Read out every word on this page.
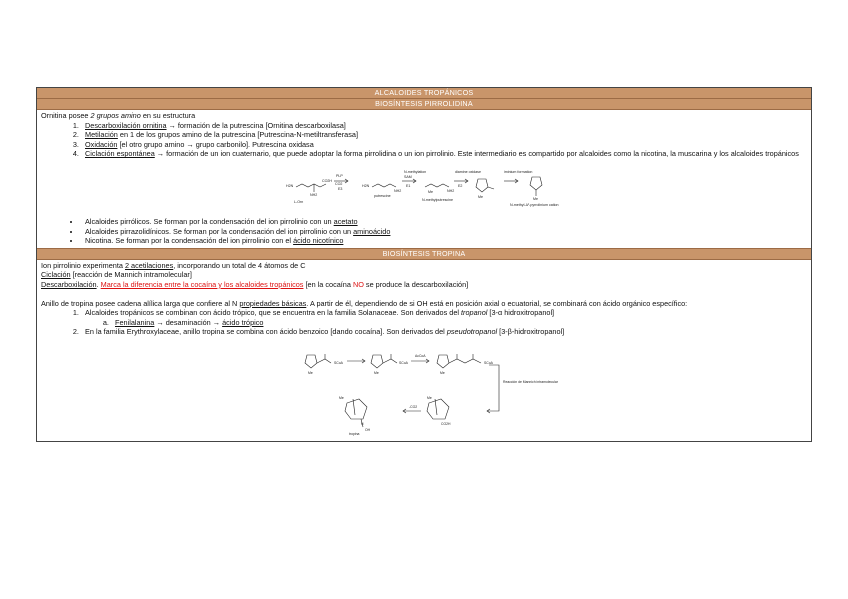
ALCALOIDES TROPÁNICOS
BIOSÍNTESIS PIRROLIDINA

Ornitina posee 2 grupos amino en su estructura

1. Descarboxilación ornitina → formación de la putrescina [Ornitina descarboxilasa]
2. Metilación en 1 de los grupos amino de la putrescina [Putrescina-N-metiltransferasa]
3. Oxidación [el otro grupo amino → grupo carbonilo]. Putrescina oxidasa
4. Ciclación espontánea → formación de un ion cuaternario, que puede adoptar la forma pirrolidina o un ion pirrolinio. Este intermediario es compartido por alcaloides como la nicotina, la muscarina y los alcaloides tropánicos
H2N
CO2H
NH2
L-Orn
PLP
CO2
E3
H2N
NH2
putrescine
N-methylation
SAM
E1
Me	NH2
N-methylputrescine
diamine oxidase
E2
Me
iminium formation
Me
N-methyl-Δ¹-pyrrolinium cation
• Alcaloides pirrólicos. Se forman por la condensación del ion pirrolinio con un acetato
• Alcaloides pirrazolidínicos. Se forman por la condensación del ion pirrolinio con un aminoácido
• Nicotina. Se forman por la condensación del ion pirrolinio con el ácido nicotínico
BIOSÍNTESIS TROPINA

Ion pirrolinio experimenta 2 acetilaciones, incorporando un total de 4 átomos de C

Ciclación [reacción de Mannich intramolecular]

Descarboxilación. Marca la diferencia entre la cocaína y los alcaloides tropánicos [en la cocaína NO se produce la descarboxilación]

Anillo de tropina posee cadena alílica larga que confiere al N propiedades básicas. A partir de él, dependiendo de si OH está en posición axial o ecuatorial, se combinará con ácido orgánico específico:

1. Alcaloides tropánicos se combinan con ácido trópico, que se encuentra en la familia Solanaceae. Son derivados del tropanol [3-α hidroxitropanol]
a. Fenilalanina → desaminación → ácido trópico
2. En la familia Erythroxylaceae, anillo tropina se combina con ácido benzoico [dando cocaína]. Son derivados del pseudotropanol [3-β-hidroxitropanol]
SCoA
Me
SCoA
Me
AcCoA
SCoA
Me
Reacción de Mannich intramolecular
-CO2
Me
CO2H
Me
H
OH
tropina
